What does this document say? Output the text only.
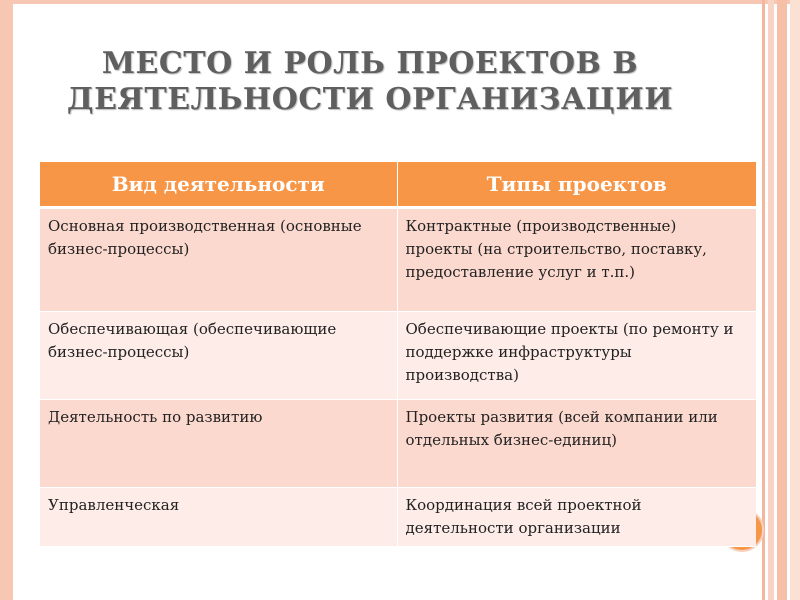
МЕСТО И РОЛЬ ПРОЕКТОВ В
ДЕЯТЕЛЬНОСТИ ОРГАНИЗАЦИИ
Вид деятельности	Типы проектов
Основная производственная (основные бизнес-процессы)	Контрактные (производственные) проекты (на строительство, поставку, предоставление услуг и т.п.)
Обеспечивающая (обеспечивающие бизнес-процессы)	Обеспечивающие проекты (по ремонту и поддержке инфраструктуры производства)
Деятельность по развитию	Проекты развития (всей компании или отдельных бизнес-единиц)
Управленческая	Координация всей проектной деятельности организации
